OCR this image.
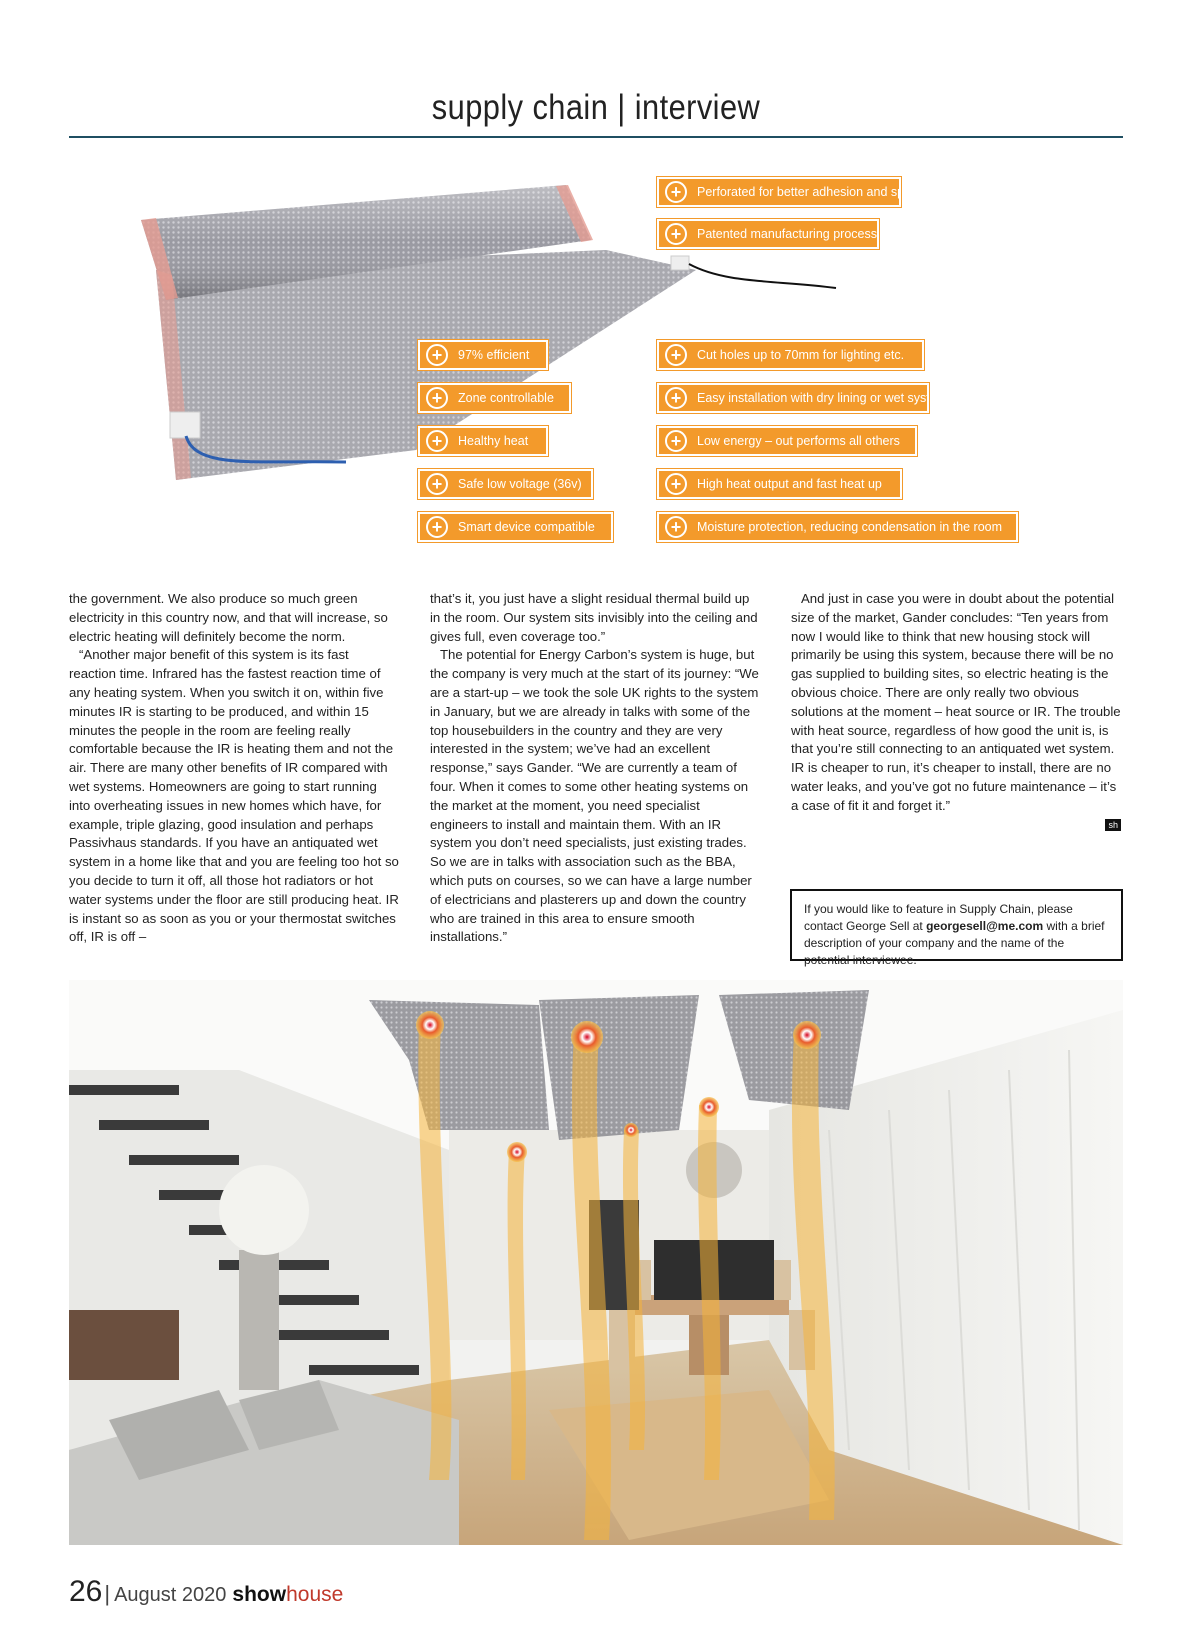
supply chain | interview
+	Perforated for better adhesion and spread
+	Patented manufacturing process
+	97% efficient
+	Zone controllable
+	Healthy heat
+	Safe low voltage (36v)
+	Smart device compatible
+	Cut holes up to 70mm for lighting etc.
+	Easy installation with dry lining or wet system
+	Low energy – out performs all others
+	High heat output and fast heat up
+	Moisture protection, reducing condensation in the room

the government. We also produce so much green electricity in this country now, and that will increase, so electric heating will definitely become the norm.

“Another major benefit of this system is its fast reaction time. Infrared has the fastest reaction time of any heating system. When you switch it on, within five minutes IR is starting to be produced, and within 15 minutes the people in the room are feeling really comfortable because the IR is heating them and not the air. There are many other benefits of IR compared with wet systems. Homeowners are going to start running into overheating issues in new homes which have, for example, triple glazing, good insulation and perhaps Passivhaus standards. If you have an antiquated wet system in a home like that and you are feeling too hot so you decide to turn it off, all those hot radiators or hot water systems under the floor are still producing heat. IR is instant so as soon as you or your thermostat switches off, IR is off –

that’s it, you just have a slight residual thermal build up in the room. Our system sits invisibly into the ceiling and gives full, even coverage too.”

The potential for Energy Carbon’s system is huge, but the company is very much at the start of its journey: “We are a start-up – we took the sole UK rights to the system in January, but we are already in talks with some of the top housebuilders in the country and they are very interested in the system; we’ve had an excellent response,” says Gander. “We are currently a team of four. When it comes to some other heating systems on the market at the moment, you need specialist engineers to install and maintain them. With an IR system you don’t need specialists, just existing trades. So we are in talks with association such as the BBA, which puts on courses, so we can have a large number of electricians and plasterers up and down the country who are trained in this area to ensure smooth installations.”

And just in case you were in doubt about the potential size of the market, Gander concludes: “Ten years from now I would like to think that new housing stock will primarily be using this system, because there will be no gas supplied to building sites, so electric heating is the obvious choice. There are only really two obvious solutions at the moment – heat source or IR. The trouble with heat source, regardless of how good the unit is, is that you’re still connecting to an antiquated wet system. IR is cheaper to run, it’s cheaper to install, there are no water leaks, and you’ve got no future maintenance – it’s a case of fit it and forget it.”

sh
If you would like to feature in Supply Chain, please contact George Sell at georgesell@me.com with a brief description of your company and the name of the potential interviewee.
26 | August 2020 show house
